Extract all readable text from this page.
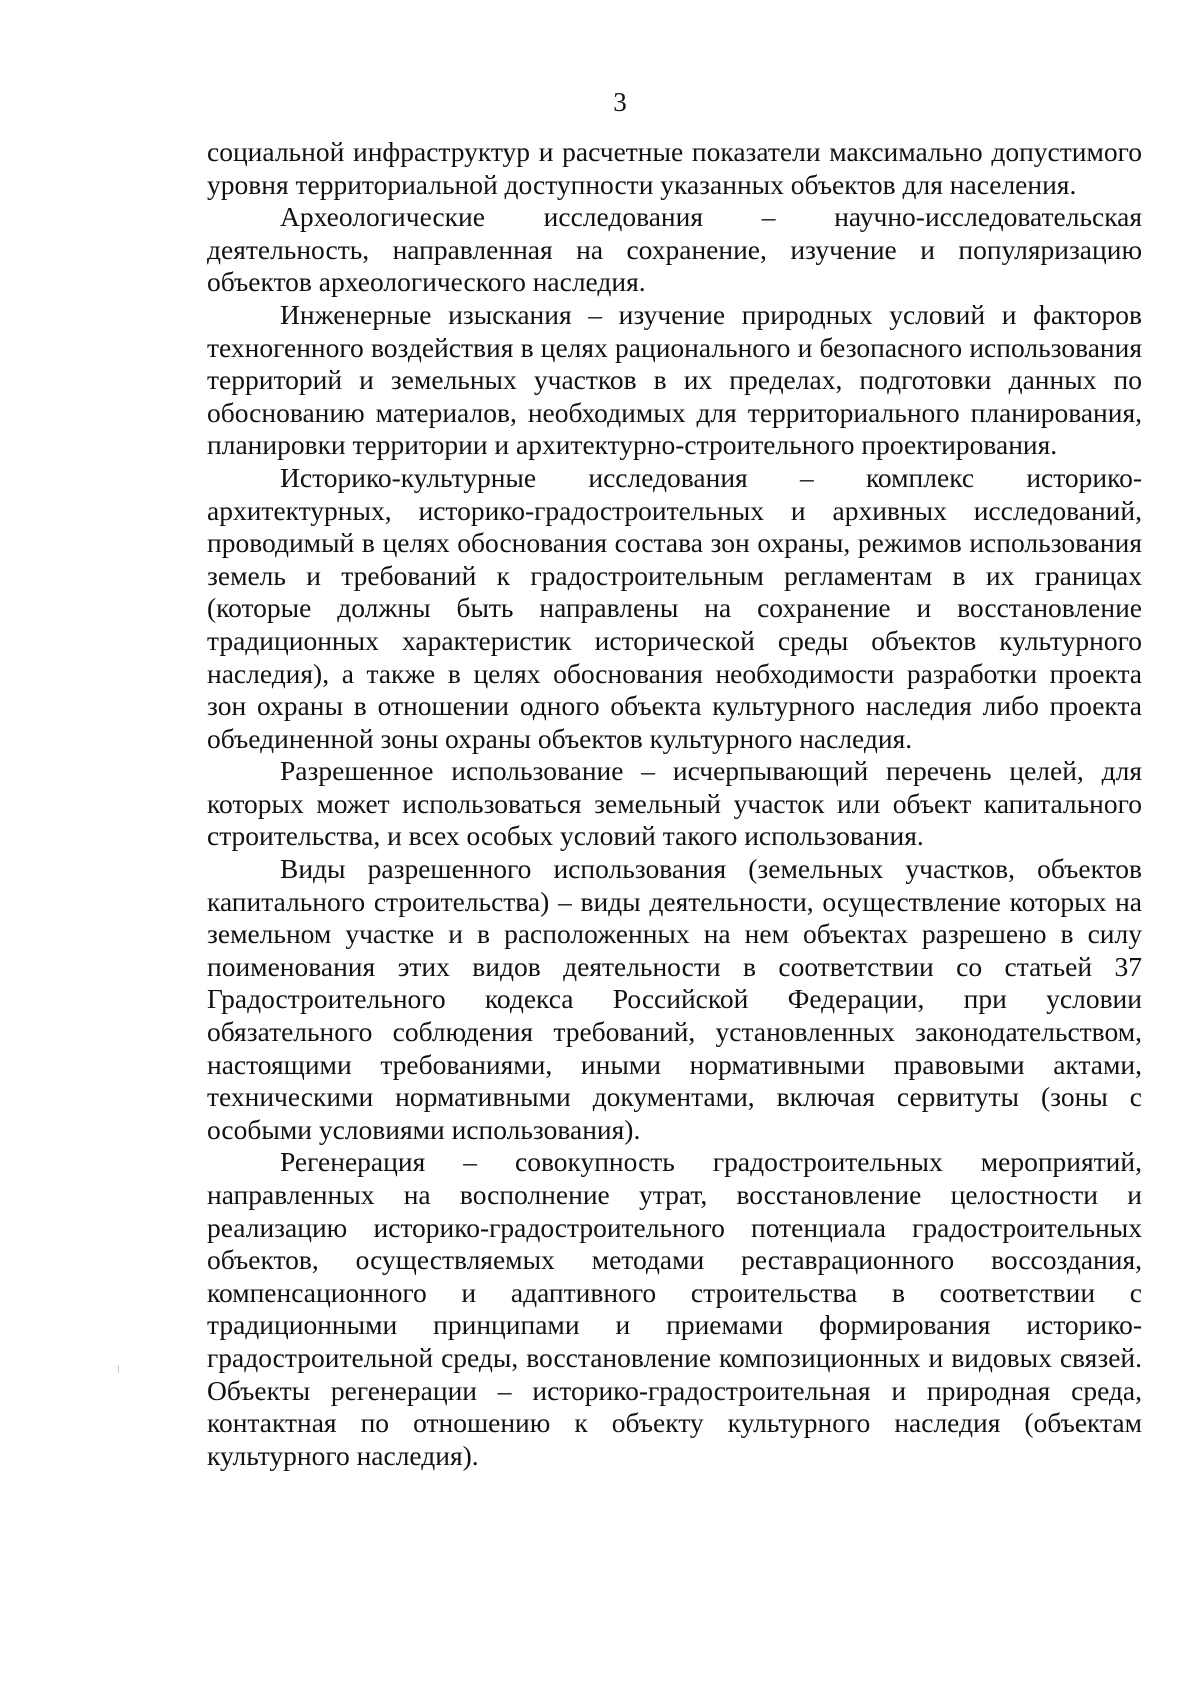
3

социальной инфраструктур и расчетные показатели максимально допустимого уровня территориальной доступности указанных объектов для населения.

Археологические исследования – научно-исследовательская деятельность, направленная на сохранение, изучение и популяризацию объектов археологического наследия.

Инженерные изыскания – изучение природных условий и факторов техногенного воздействия в целях рационального и безопасного использования территорий и земельных участков в их пределах, подготовки данных по обоснованию материалов, необходимых для территориального планирования, планировки территории и архитектурно-строительного проектирования.

Историко-культурные исследования – комплекс историко-архитектурных, историко-градостроительных и архивных исследований, проводимый в целях обоснования состава зон охраны, режимов использования земель и требований к градостроительным регламентам в их границах (которые должны быть направлены на сохранение и восстановление традиционных характеристик исторической среды объектов культурного наследия), а также в целях обоснования необходимости разработки проекта зон охраны в отношении одного объекта культурного наследия либо проекта объединенной зоны охраны объектов культурного наследия.

Разрешенное использование – исчерпывающий перечень целей, для которых может использоваться земельный участок или объект капитального строительства, и всех особых условий такого использования.

Виды разрешенного использования (земельных участков, объектов капитального строительства) – виды деятельности, осуществление которых на земельном участке и в расположенных на нем объектах разрешено в силу поименования этих видов деятельности в соответствии со статьей 37 Градостроительного кодекса Российской Федерации, при условии обязательного соблюдения требований, установленных законодательством, настоящими требованиями, иными нормативными правовыми актами, техническими нормативными документами, включая сервитуты (зоны с особыми условиями использования).

Регенерация – совокупность градостроительных мероприятий, направленных на восполнение утрат, восстановление целостности и реализацию историко-градостроительного потенциала градостроительных объектов, осуществляемых методами реставрационного воссоздания, компенсационного и адаптивного строительства в соответствии с традиционными принципами и приемами формирования историко-градостроительной среды, восстановление композиционных и видовых связей. Объекты регенерации – историко-градостроительная и природная среда, контактная по отношению к объекту культурного наследия (объектам культурного наследия).
